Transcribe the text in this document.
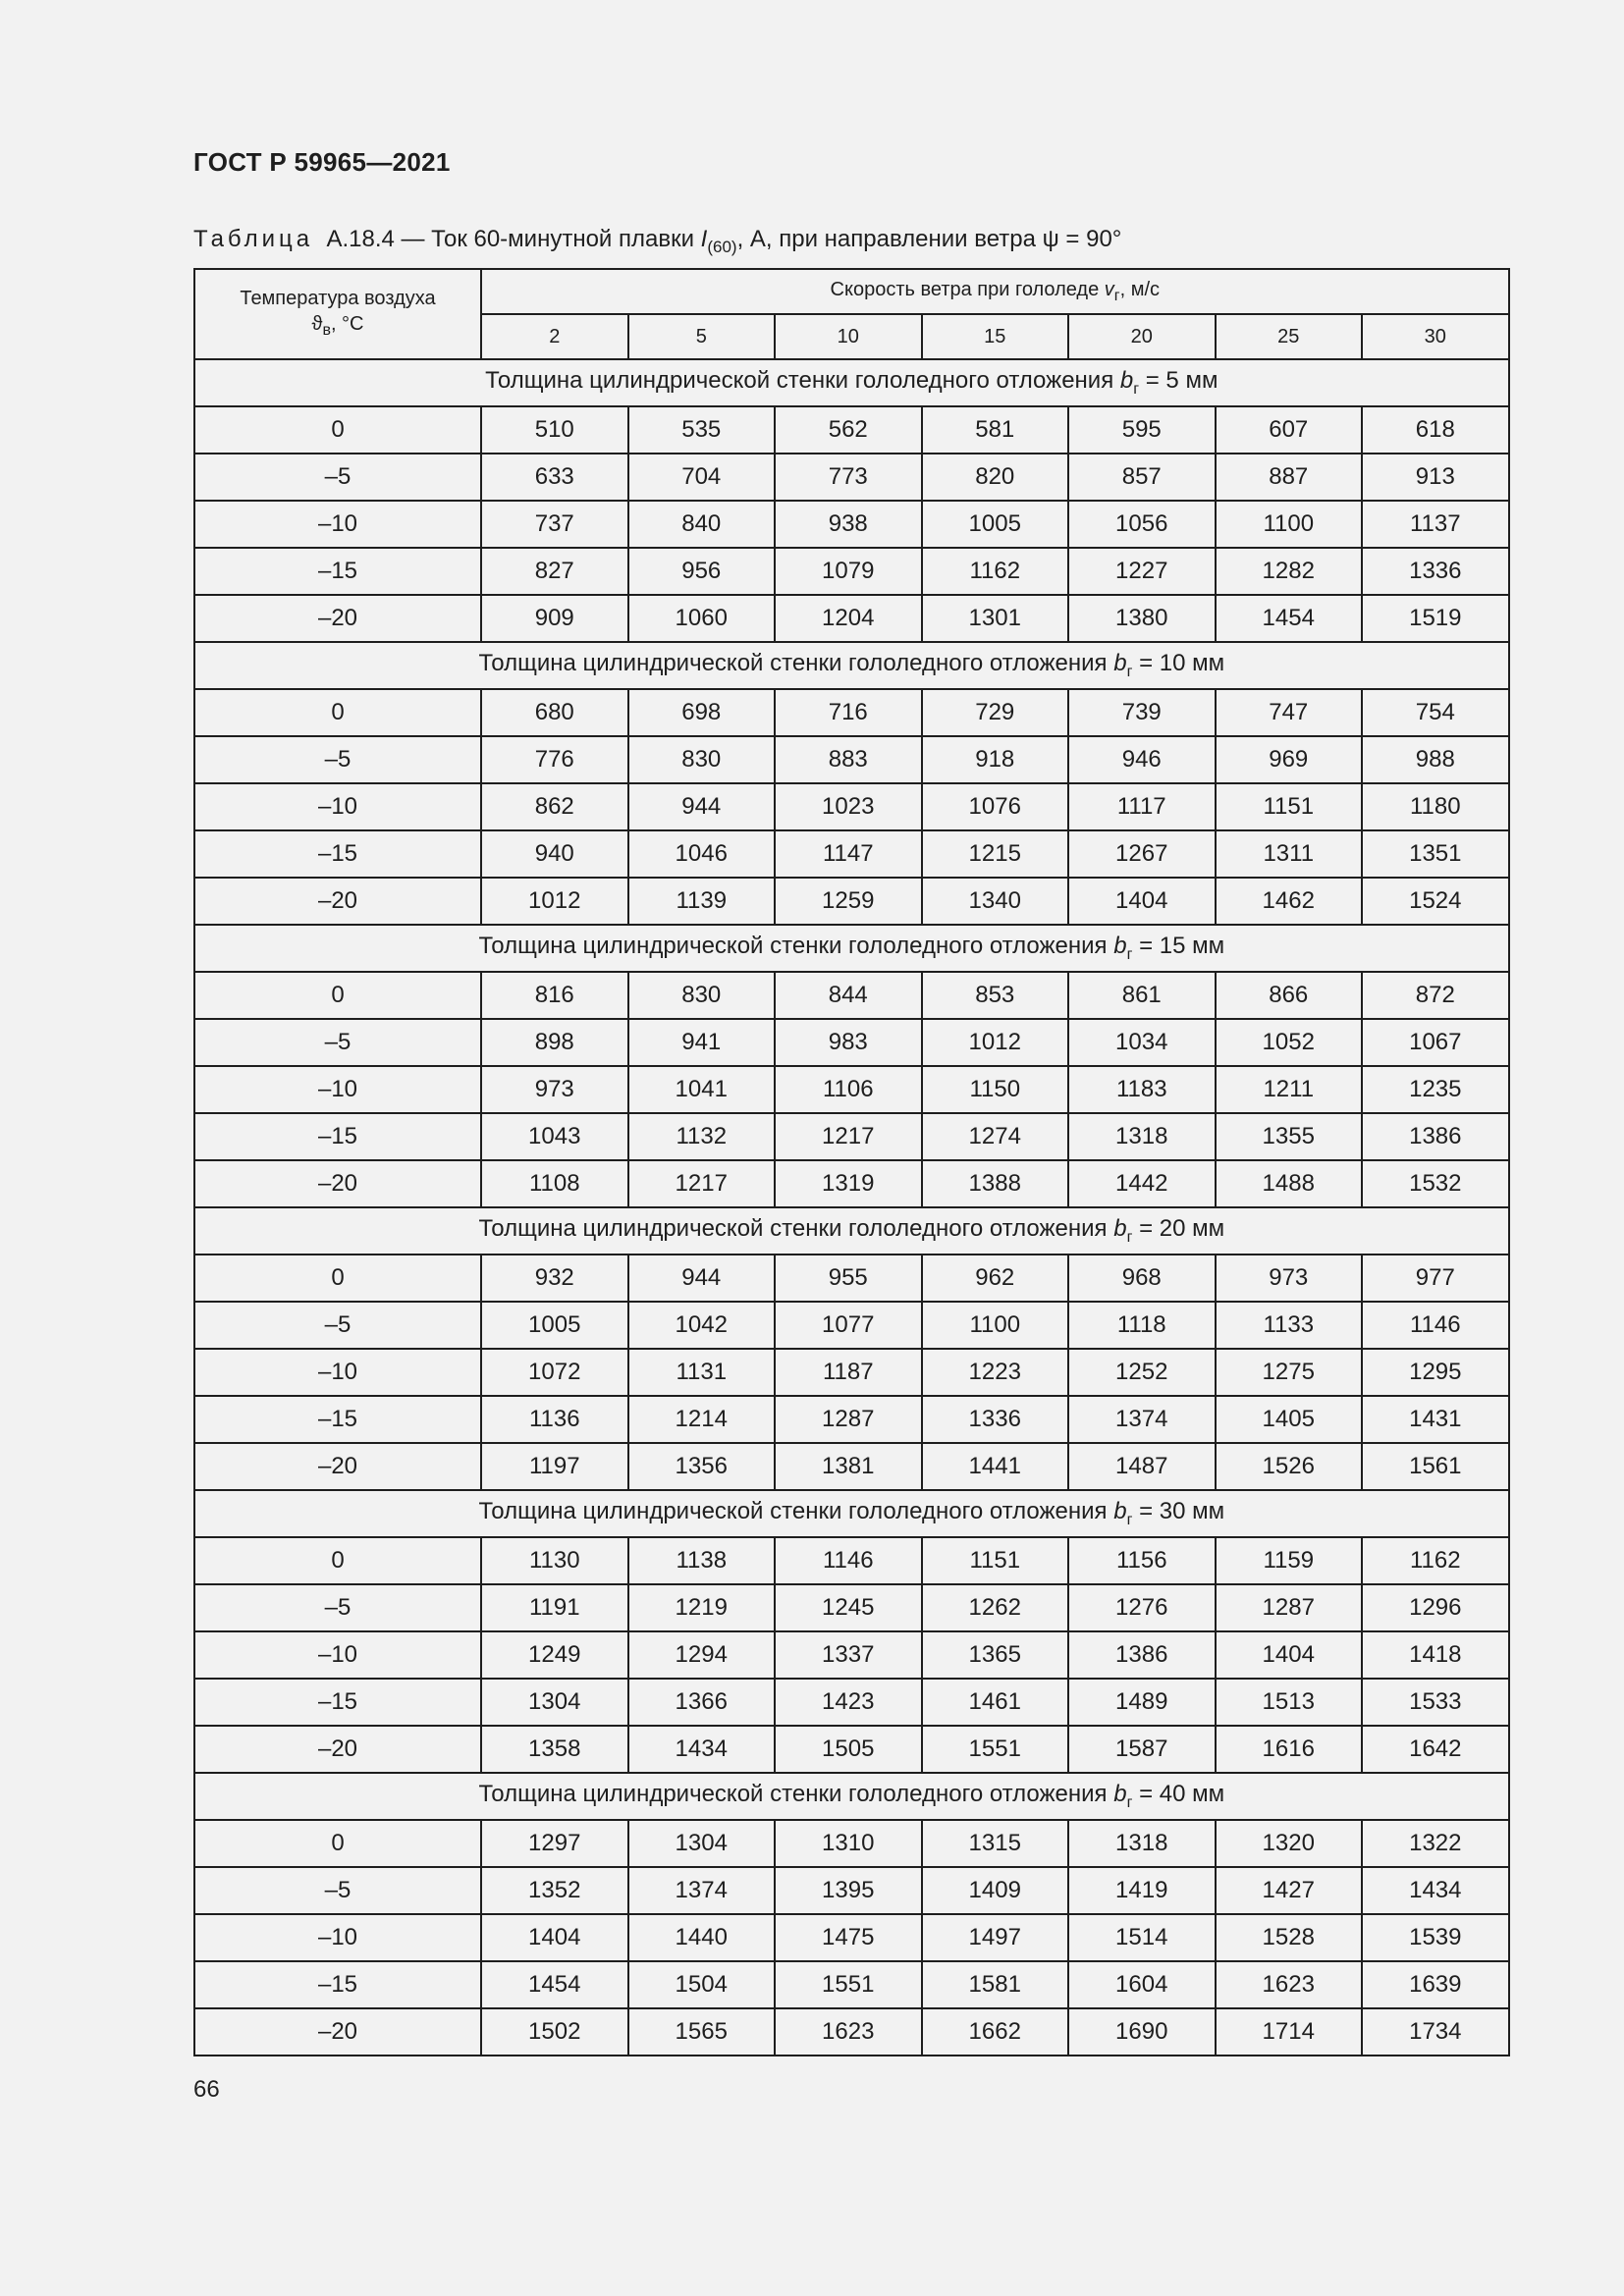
ГОСТ Р 59965—2021
Таблица А.18.4 — Ток 60-минутной плавки $I_{(60)}$, А, при направлении ветра ψ = 90°
Температура воздуха
$ϑ_в$, °C	Скорость ветра при гололеде $v_г$, м/с						
	2	5	10	15	20	25	30
Толщина цилиндрической стенки гололедного отложения $b_г = 5$ мм							
0	510	535	562	581	595	607	618
–5	633	704	773	820	857	887	913
–10	737	840	938	1005	1056	1100	1137
–15	827	956	1079	1162	1227	1282	1336
–20	909	1060	1204	1301	1380	1454	1519
Толщина цилиндрической стенки гололедного отложения $b_г = 10$ мм							
0	680	698	716	729	739	747	754
–5	776	830	883	918	946	969	988
–10	862	944	1023	1076	1117	1151	1180
–15	940	1046	1147	1215	1267	1311	1351
–20	1012	1139	1259	1340	1404	1462	1524
Толщина цилиндрической стенки гололедного отложения $b_г = 15$ мм							
0	816	830	844	853	861	866	872
–5	898	941	983	1012	1034	1052	1067
–10	973	1041	1106	1150	1183	1211	1235
–15	1043	1132	1217	1274	1318	1355	1386
–20	1108	1217	1319	1388	1442	1488	1532
Толщина цилиндрической стенки гололедного отложения $b_г = 20$ мм							
0	932	944	955	962	968	973	977
–5	1005	1042	1077	1100	1118	1133	1146
–10	1072	1131	1187	1223	1252	1275	1295
–15	1136	1214	1287	1336	1374	1405	1431
–20	1197	1356	1381	1441	1487	1526	1561
Толщина цилиндрической стенки гололедного отложения $b_г = 30$ мм							
0	1130	1138	1146	1151	1156	1159	1162
–5	1191	1219	1245	1262	1276	1287	1296
–10	1249	1294	1337	1365	1386	1404	1418
–15	1304	1366	1423	1461	1489	1513	1533
–20	1358	1434	1505	1551	1587	1616	1642
Толщина цилиндрической стенки гололедного отложения $b_г = 40$ мм							
0	1297	1304	1310	1315	1318	1320	1322
–5	1352	1374	1395	1409	1419	1427	1434
–10	1404	1440	1475	1497	1514	1528	1539
–15	1454	1504	1551	1581	1604	1623	1639
–20	1502	1565	1623	1662	1690	1714	1734
66
